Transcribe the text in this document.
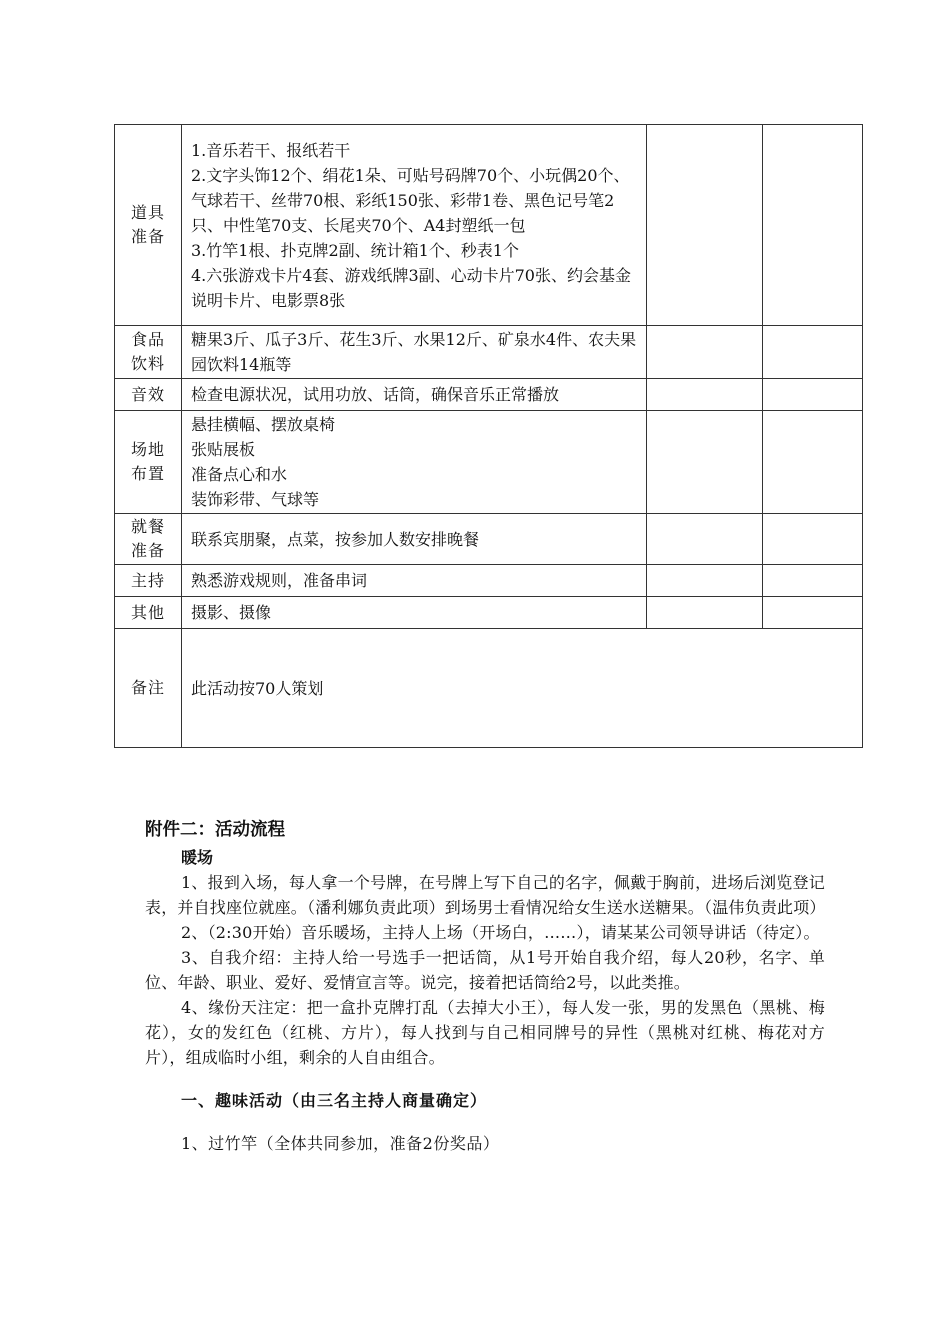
道具准备	1.音乐若干、报纸若干
2.文字头饰12个、绢花1朵、可贴号码牌70个、小玩偶20个、气球若干、丝带70根、彩纸150张、彩带1卷、黑色记号笔2只、中性笔70支、长尾夹70个、A4封塑纸一包
3.竹竿1根、扑克牌2副、统计箱1个、秒表1个
4.六张游戏卡片4套、游戏纸牌3副、心动卡片70张、约会基金说明卡片、电影票8张		

食品饮料	糖果3斤、瓜子3斤、花生3斤、水果12斤、矿泉水4件、农夫果园饮料14瓶等		

音效	检查电源状况，试用功放、话筒，确保音乐正常播放		

场地布置	悬挂横幅、摆放桌椅
张贴展板
准备点心和水
装饰彩带、气球等		

就餐准备	联系宾朋聚，点菜，按参加人数安排晚餐		

主持	熟悉游戏规则，准备串词		

其他	摄影、摄像		

备注	此活动按70人策划		
附件二：活动流程
暖场
1、报到入场，每人拿一个号牌，在号牌上写下自己的名字，佩戴于胸前，进场后浏览登记表，并自找座位就座。（潘利娜负责此项）到场男士看情况给女生送水送糖果。（温伟负责此项）
2、（2:30开始）音乐暖场，主持人上场（开场白，……），请某某公司领导讲话（待定）。
3、自我介绍：主持人给一号选手一把话筒，从1号开始自我介绍，每人20秒，名字、单位、年龄、职业、爱好、爱情宣言等。说完，接着把话筒给2号，以此类推。
4、缘份天注定：把一盒扑克牌打乱（去掉大小王），每人发一张，男的发黑色（黑桃、梅花），女的发红色（红桃、方片），每人找到与自己相同牌号的异性（黑桃对红桃、梅花对方片），组成临时小组，剩余的人自由组合。
一、趣味活动（由三名主持人商量确定）
1、过竹竿（全体共同参加，准备2份奖品）
